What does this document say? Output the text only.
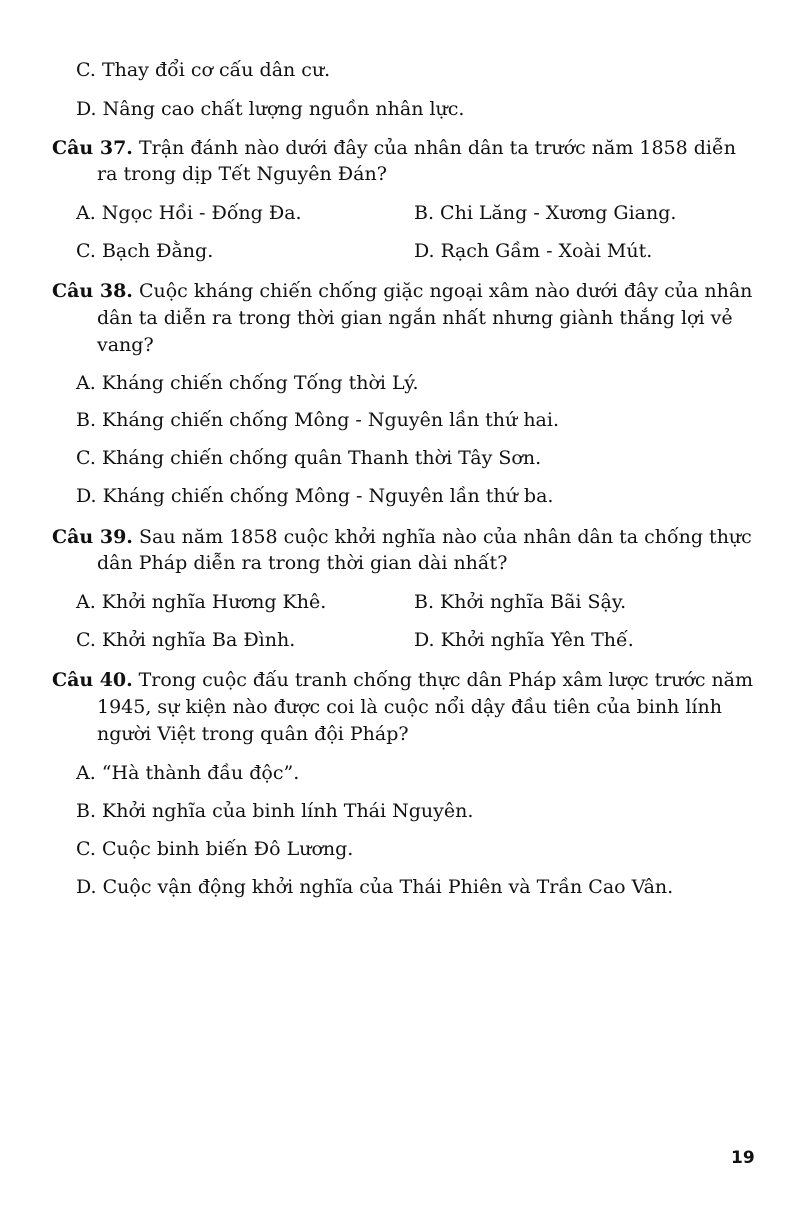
C. Thay đổi cơ cấu dân cư.
D. Nâng cao chất lượng nguồn nhân lực.
Câu 37. Trận đánh nào dưới đây của nhân dân ta trước năm 1858 diễn
ra trong dịp Tết Nguyên Đán?
A. Ngọc Hồi - Đống Đa.	B. Chi Lăng - Xương Giang.
C. Bạch Đằng.	D. Rạch Gầm - Xoài Mút.
Câu 38. Cuộc kháng chiến chống giặc ngoại xâm nào dưới đây của nhân
dân ta diễn ra trong thời gian ngắn nhất nhưng giành thắng lợi vẻ
vang?
A. Kháng chiến chống Tống thời Lý.
B. Kháng chiến chống Mông - Nguyên lần thứ hai.
C. Kháng chiến chống quân Thanh thời Tây Sơn.
D. Kháng chiến chống Mông - Nguyên lần thứ ba.
Câu 39. Sau năm 1858 cuộc khởi nghĩa nào của nhân dân ta chống thực
dân Pháp diễn ra trong thời gian dài nhất?
A. Khởi nghĩa Hương Khê.	B. Khởi nghĩa Bãi Sậy.
C. Khởi nghĩa Ba Đình.	D. Khởi nghĩa Yên Thế.
Câu 40. Trong cuộc đấu tranh chống thực dân Pháp xâm lược trước năm
1945, sự kiện nào được coi là cuộc nổi dậy đầu tiên của binh lính
người Việt trong quân đội Pháp?
A. “Hà thành đầu độc”.
B. Khởi nghĩa của binh lính Thái Nguyên.
C. Cuộc binh biến Đô Lương.
D. Cuộc vận động khởi nghĩa của Thái Phiên và Trần Cao Vân.
19
